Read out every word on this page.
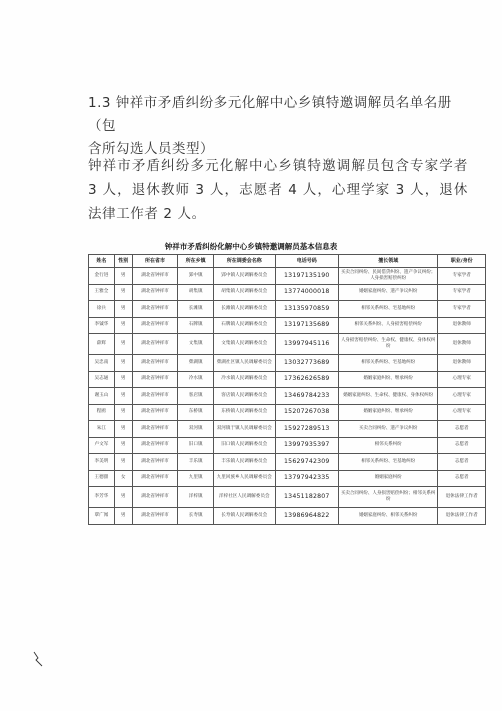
1.3 钟祥市矛盾纠纷多元化解中心乡镇特邀调解员名单名册（包

含所勾选人员类型）

钟祥市矛盾纠纷多元化解中心乡镇特邀调解员包含专家学者 3 人，退休教师 3 人，志愿者 4 人，心理学家 3 人，退休法律工作者 2 人。

钟祥市矛盾纠纷化解中心乡镇特邀调解员基本信息表
姓名	性别	所在省市	所在乡镇	所在调委会名称	电话号码	擅长领域	职业/身份
金行进	男	湖北省钟祥市	郢中镇	郢中镇人民调解委员会	13197135190	买卖合同纠纷、民间借贷纠纷、遗产争议纠纷；人身损害赔偿纠纷	专家学者
王雅全	男	湖北省钟祥市	胡集镇	胡集镇人民调解委员会	13774000018	婚姻家庭纠纷、遗产争议纠纷	专家学者
徐兵	男	湖北省钟祥市	长滩镇	长滩镇人民调解委员会	13135970859	相邻关系纠纷、宅基地纠纷	专家学者
李钺华	男	湖北省钟祥市	石牌镇	石牌镇人民调解委员会	13197135689	相邻关系纠纷、人身损害赔偿纠纷	退休教师
薛辉	男	湖北省钟祥市	文集镇	文集镇人民调解委员会	13997945116	人身损害赔偿纠纷、生命权、健康权、身体权纠纷	退休教师
吴忠南	男	湖北省钟祥市	柴湖镇	柴湖社区镇人民调解委员会	13032773689	相邻关系纠纷、宅基地纠纷	退休教师
吴志通	男	湖北省钟祥市	冷水镇	冷水镇人民调解委员会	17362626589	婚姻家庭纠纷、继承纠纷	心理专家
谢玉山	男	湖北省钟祥市	客店镇	客店镇人民调解委员会	13469784233	婚姻家庭纠纷、生命权、健康权、身体权纠纷	心理专家
程鸥	男	湖北省钟祥市	东桥镇	东桥镇人民调解委员会	15207267038	婚姻家庭纠纷、继承纠纷	心理专家
朱江	男	湖北省钟祥市	双河镇	双河镇于镇人民调解委员会	15927289513	买卖合同纠纷、遗产争议纠纷	志愿者
卢文军	男	湖北省钟祥市	旧口镇	旧口镇人民调解委员会	13997935397	相邻关系纠纷	志愿者
李美明	男	湖北省钟祥市	丰乐镇	丰乐镇人民调解委员会	15629742309	相邻关系纠纷、宅基地纠纷	志愿者
王德甜	女	湖北省钟祥市	九里镇	九里回族乡人民调解委员会	13797942335	婚姻家庭纠纷	志愿者
李芳华	男	湖北省钟祥市	洋梓镇	洋梓社区人民调解委员会	13451182807	买卖合同纠纷、人身损害赔偿纠纷；相邻关系纠纷	退休法律工作者
覃广闻	男	湖北省钟祥市	长寿镇	长寿镇人民调解委员会	13986964822	婚姻家庭纠纷、相邻关系纠纷	退休法律工作者
